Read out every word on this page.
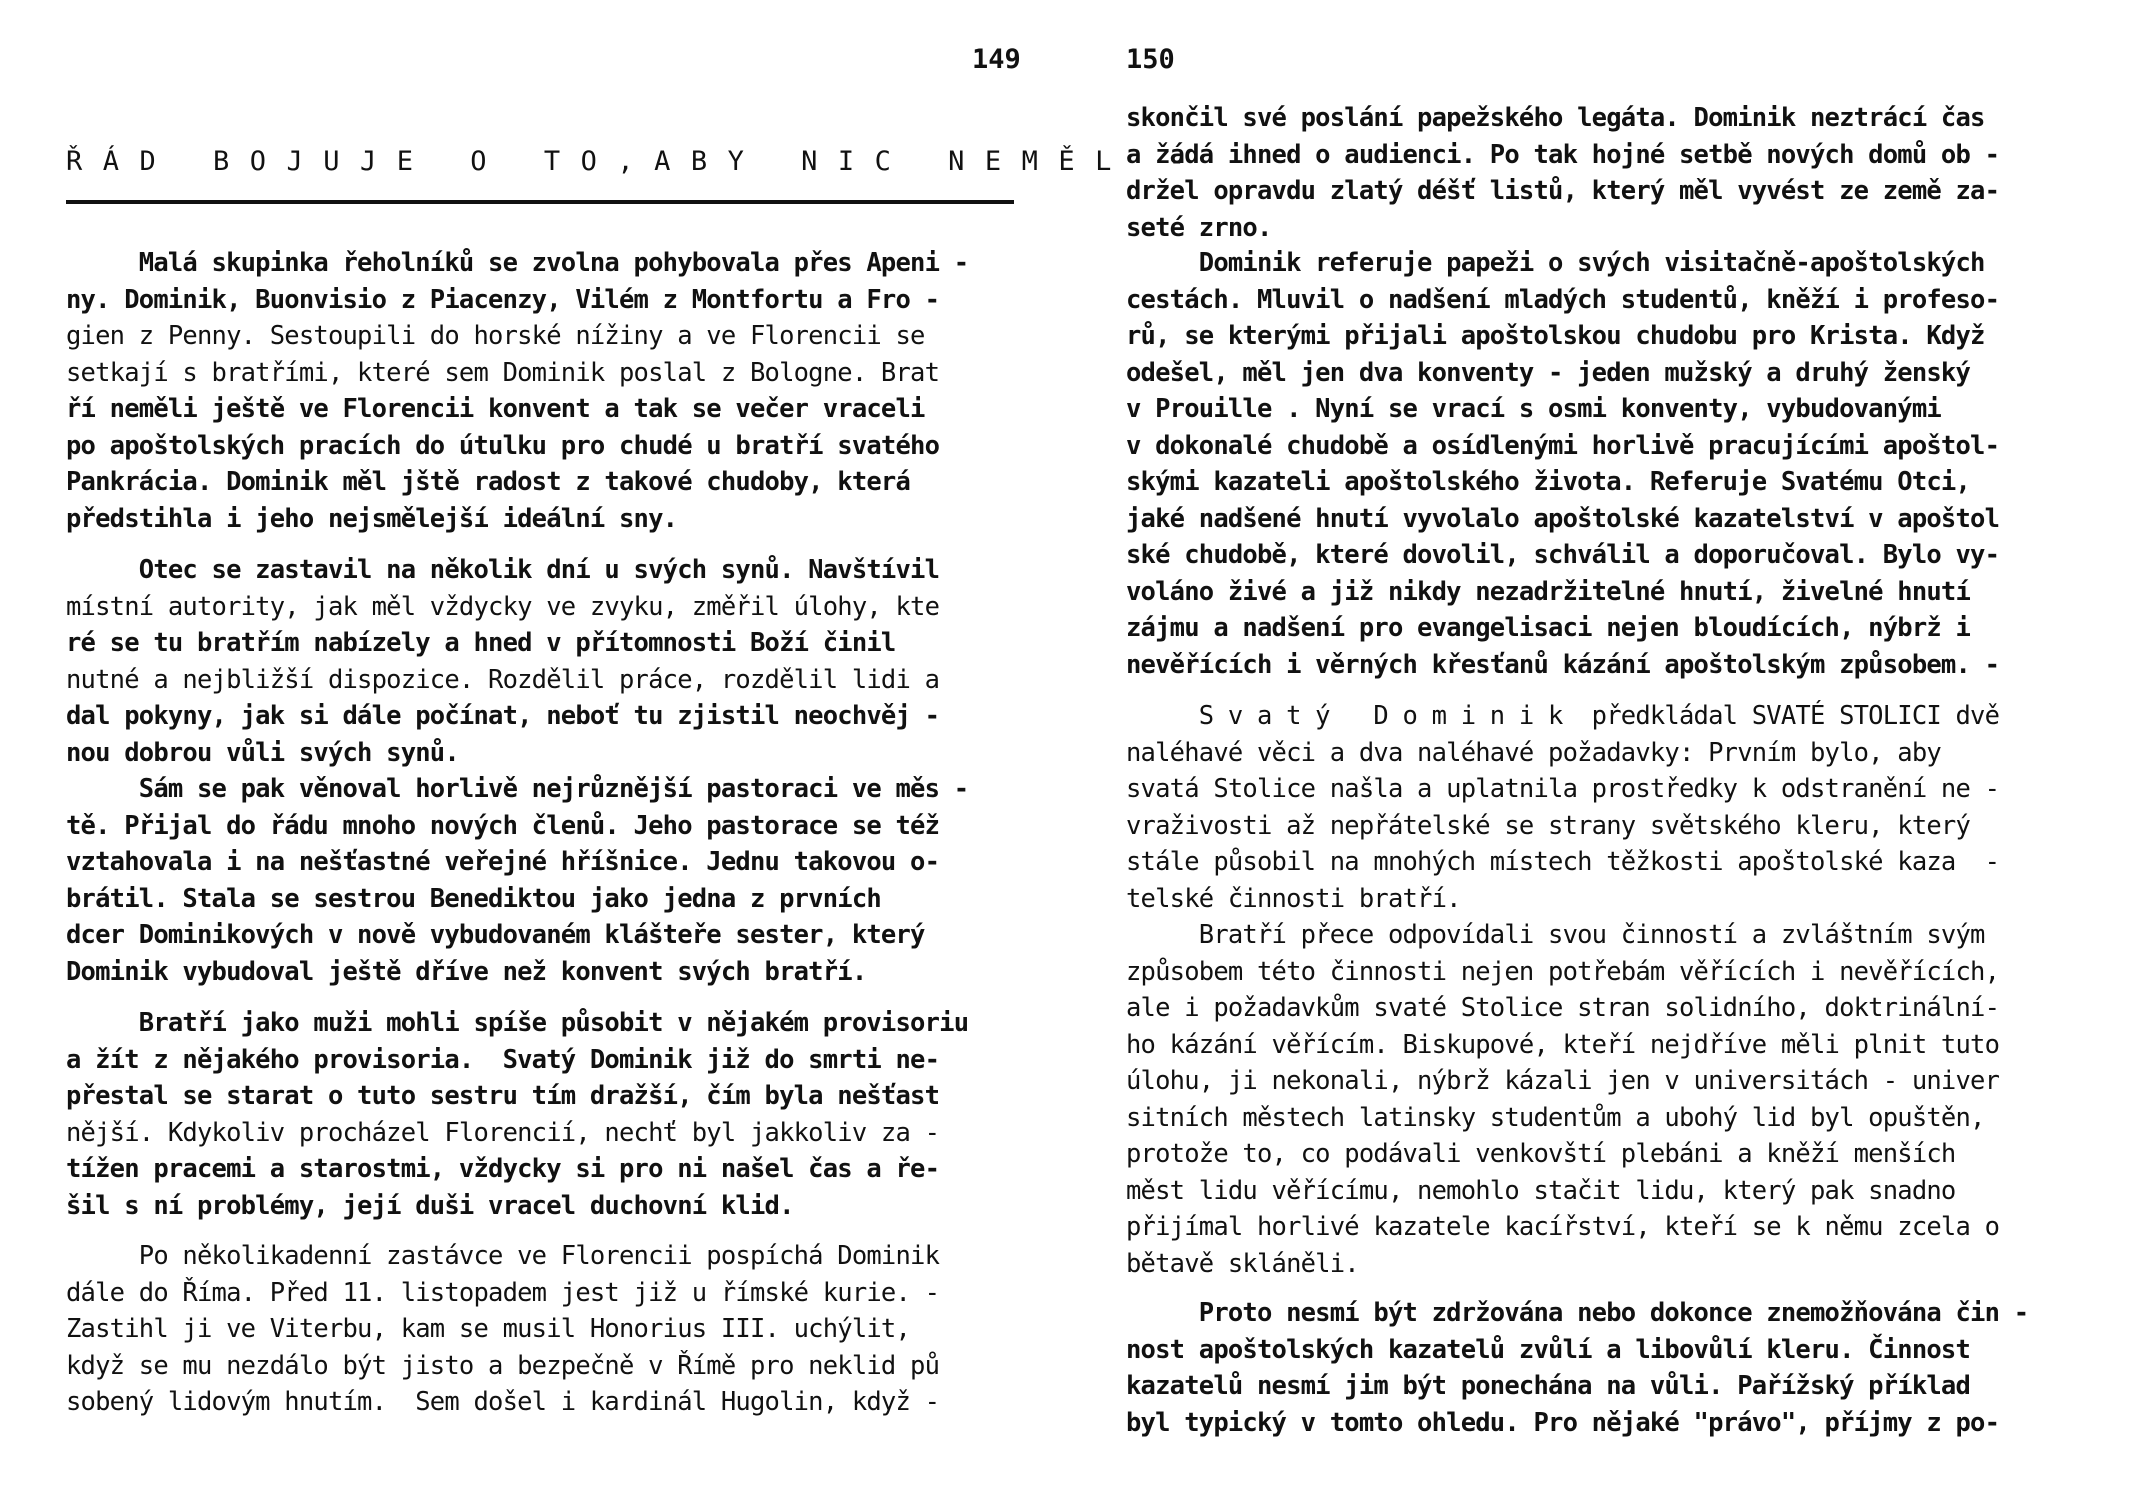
149
ŘÁD BOJUJE O TO,ABY NIC NEMĚL -
Malá skupinka řeholníků se zvolna pohybovala přes Apeni -
ny. Dominik, Buonvisio z Piacenzy, Vilém z Montfortu a Fro -
gien z Penny. Sestoupili do horské nížiny a ve Florencii se
setkají s bratřími, které sem Dominik poslal z Bologne. Brat
ří neměli ještě ve Florencii konvent a tak se večer vraceli
po apoštolských pracích do útulku pro chudé u bratří svatého
Pankrácia. Dominik měl jště radost z takové chudoby, která
předstihla i jeho nejsmělejší ideální sny.
Otec se zastavil na několik dní u svých synů. Navštívil
místní autority, jak měl vždycky ve zvyku, změřil úlohy, kte
ré se tu bratřím nabízely a hned v přítomnosti Boží činil
nutné a nejbližší dispozice. Rozdělil práce, rozdělil lidi a
dal pokyny, jak si dále počínat, neboť tu zjistil neochvěj -
nou dobrou vůli svých synů.
Sám se pak věnoval horlivě nejrůznější pastoraci ve měs -
tě. Přijal do řádu mnoho nových členů. Jeho pastorace se též
vztahovala i na nešťastné veřejné hříšnice. Jednu takovou o-
brátil. Stala se sestrou Benediktou jako jedna z prvních
dcer Dominikových v nově vybudovaném klášteře sester, který
Dominik vybudoval ještě dříve než konvent svých bratří.
Bratří jako muži mohli spíše působit v nějakém provisoriu
a žít z nějakého provisoria.  Svatý Dominik již do smrti ne-
přestal se starat o tuto sestru tím dražší, čím byla nešťast
nější. Kdykoliv procházel Florencií, nechť byl jakkoliv za -
tížen pracemi a starostmi, vždycky si pro ni našel čas a ře-
šil s ní problémy, její duši vracel duchovní klid.
Po několikadenní zastávce ve Florencii pospíchá Dominik
dále do Říma. Před 11. listopadem jest již u římské kurie. -
Zastihl ji ve Viterbu, kam se musil Honorius III. uchýlit,
když se mu nezdálo být jisto a bezpečně v Římě pro neklid pů
sobený lidovým hnutím.  Sem došel i kardinál Hugolin, když -
150
skončil své poslání papežského legáta. Dominik neztrácí čas
a žádá ihned o audienci. Po tak hojné setbě nových domů ob -
držel opravdu zlatý déšť listů, který měl vyvést ze země za-
seté zrno.
Dominik referuje papeži o svých visitačně-apoštolských
cestách. Mluvil o nadšení mladých studentů, kněží i profeso-
rů, se kterými přijali apoštolskou chudobu pro Krista. Když
odešel, měl jen dva konventy - jeden mužský a druhý ženský
v Prouille . Nyní se vrací s osmi konventy, vybudovanými
v dokonalé chudobě a osídlenými horlivě pracujícími apoštol-
skými kazateli apoštolského života. Referuje Svatému Otci,
jaké nadšené hnutí vyvolalo apoštolské kazatelství v apoštol
ské chudobě, které dovolil, schválil a doporučoval. Bylo vy-
voláno živé a již nikdy nezadržitelné hnutí, živelné hnutí
zájmu a nadšení pro evangelisaci nejen bloudících, nýbrž i
nevěřících i věrných křesťanů kázání apoštolským způsobem. -
S v a t ý   D o m i n i k  předkládal SVATÉ STOLICI dvě
naléhavé věci a dva naléhavé požadavky: Prvním bylo, aby
svatá Stolice našla a uplatnila prostředky k odstranění ne -
vraživosti až nepřátelské se strany světského kleru, který
stále působil na mnohých místech těžkosti apoštolské kaza  -
telské činnosti bratří.
Bratří přece odpovídali svou činností a zvláštním svým
způsobem této činnosti nejen potřebám věřících i nevěřících,
ale i požadavkům svaté Stolice stran solidního, doktrinální-
ho kázání věřícím. Biskupové, kteří nejdříve měli plnit tuto
úlohu, ji nekonali, nýbrž kázali jen v universitách - univer
sitních městech latinsky studentům a ubohý lid byl opuštěn,
protože to, co podávali venkovští plebáni a kněží menších
měst lidu věřícímu, nemohlo stačit lidu, který pak snadno
přijímal horlivé kazatele kacířství, kteří se k němu zcela o
bětavě skláněli.
Proto nesmí být zdržována nebo dokonce znemožňována čin -
nost apoštolských kazatelů zvůlí a libovůlí kleru. Činnost
kazatelů nesmí jim být ponechána na vůli. Pařížský příklad
byl typický v tomto ohledu. Pro nějaké "právo", příjmy z po-
